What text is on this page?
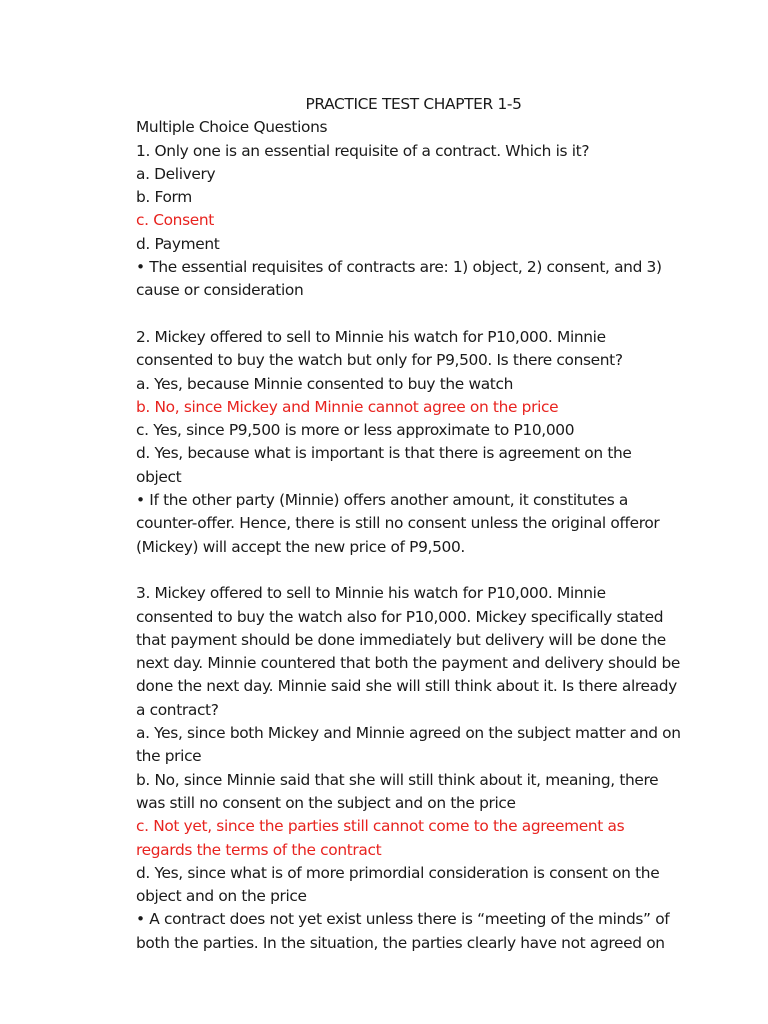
PRACTICE TEST CHAPTER 1-5
Multiple Choice Questions
1. Only one is an essential requisite of a contract. Which is it?
a. Delivery
b. Form
c. Consent
d. Payment
• The essential requisites of contracts are: 1) object, 2) consent, and 3) cause or consideration
2. Mickey offered to sell to Minnie his watch for P10,000. Minnie consented to buy the watch but only for P9,500. Is there consent?
a. Yes, because Minnie consented to buy the watch
b. No, since Mickey and Minnie cannot agree on the price
c. Yes, since P9,500 is more or less approximate to P10,000
d. Yes, because what is important is that there is agreement on the object
• If the other party (Minnie) offers another amount, it constitutes a counter-offer. Hence, there is still no consent unless the original offeror (Mickey) will accept the new price of P9,500.
3. Mickey offered to sell to Minnie his watch for P10,000. Minnie consented to buy the watch also for P10,000. Mickey specifically stated that payment should be done immediately but delivery will be done the next day. Minnie countered that both the payment and delivery should be done the next day. Minnie said she will still think about it. Is there already a contract?
a. Yes, since both Mickey and Minnie agreed on the subject matter and on the price
b. No, since Minnie said that she will still think about it, meaning, there was still no consent on the subject and on the price
c. Not yet, since the parties still cannot come to the agreement as regards the terms of the contract
d. Yes, since what is of more primordial consideration is consent on the object and on the price
• A contract does not yet exist unless there is “meeting of the minds” of both the parties. In the situation, the parties clearly have not agreed on
